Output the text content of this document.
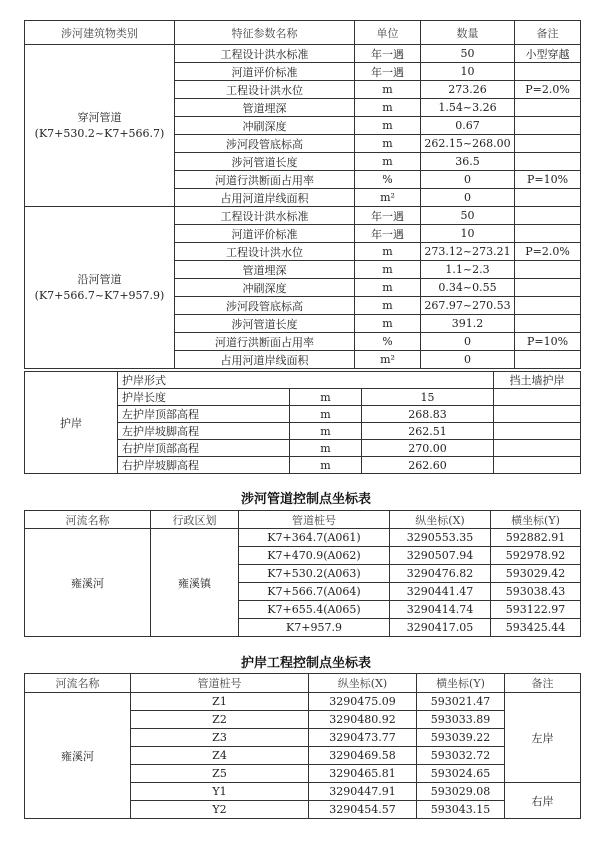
涉河建筑物类别	特征参数名称	单位	数量	备注

穿河管道
(K7+530.2~K7+566.7)	工程设计洪水标准	年一遇	50	小型穿越
	河道评价标准	年一遇	10	
	工程设计洪水位	m	273.26	P=2.0%
	管道埋深	m	1.54~3.26	
	冲刷深度	m	0.67	
	涉河段管底标高	m	262.15~268.00	
	涉河管道长度	m	36.5	
	河道行洪断面占用率	%	0	P=10%
	占用河道岸线面积	m²	0	

沿河管道
(K7+566.7~K7+957.9)	工程设计洪水标准	年一遇	50	
	河道评价标准	年一遇	10	
	工程设计洪水位	m	273.12~273.21	P=2.0%
	管道埋深	m	1.1~2.3	
	冲刷深度	m	0.34~0.55	
	涉河段管底标高	m	267.97~270.53	
	涉河管道长度	m	391.2	
	河道行洪断面占用率	%	0	P=10%
	占用河道岸线面积	m²	0	
护岸	护岸形式			挡土墙护岸
	护岸长度	m	15	
	左护岸顶部高程	m	268.83	
	左护岸坡脚高程	m	262.51	
	右护岸顶部高程	m	270.00	
	右护岸坡脚高程	m	262.60	
涉河管道控制点坐标表
河流名称	行政区划	管道桩号	纵坐标(X)	横坐标(Y)
雍溪河	雍溪镇	K7+364.7(A061)	3290553.35	592882.91
		K7+470.9(A062)	3290507.94	592978.92
		K7+530.2(A063)	3290476.82	593029.42
		K7+566.7(A064)	3290441.47	593038.43
		K7+655.4(A065)	3290414.74	593122.97
		K7+957.9	3290417.05	593425.44
护岸工程控制点坐标表
河流名称	管道桩号	纵坐标(X)	横坐标(Y)	备注
雍溪河	Z1	3290475.09	593021.47	左岸
	Z2	3290480.92	593033.89	
	Z3	3290473.77	593039.22	
	Z4	3290469.58	593032.72	
	Z5	3290465.81	593024.65	
	Y1	3290447.91	593029.08	右岸
	Y2	3290454.57	593043.15	
